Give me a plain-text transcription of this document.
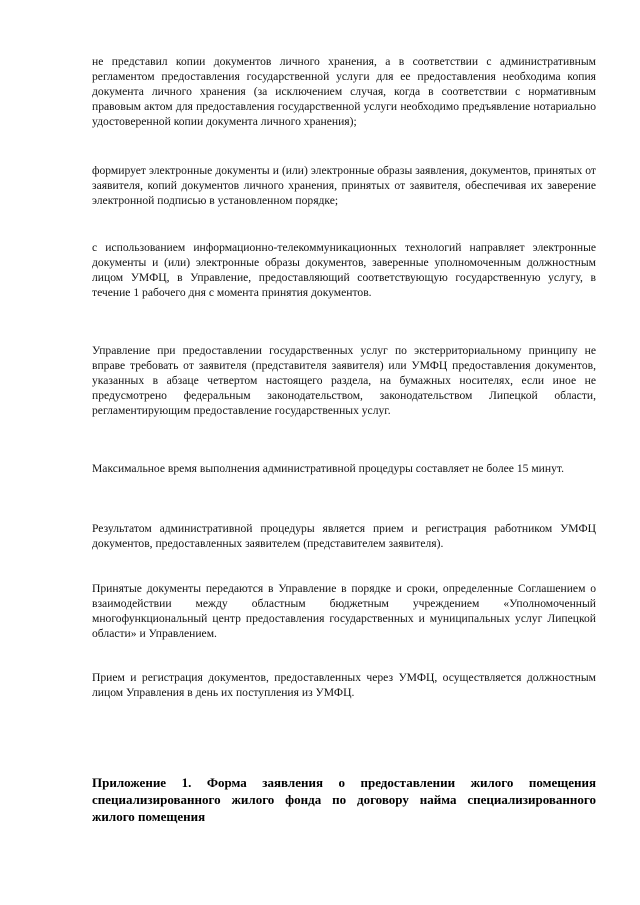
не представил копии документов личного хранения, а в соответствии с административным регламентом предоставления государственной услуги для ее предоставления необходима копия документа личного хранения (за исключением случая, когда в соответствии с нормативным правовым актом для предоставления государственной услуги необходимо предъявление нотариально удостоверенной копии документа личного хранения);

формирует электронные документы и (или) электронные образы заявления, документов, принятых от заявителя, копий документов личного хранения, принятых от заявителя, обеспечивая их заверение электронной подписью в установленном порядке;

с использованием информационно-телекоммуникационных технологий направляет электронные документы и (или) электронные образы документов, заверенные уполномоченным должностным лицом УМФЦ, в Управление, предоставляющий соответствующую государственную услугу, в течение 1 рабочего дня с момента принятия документов.

Управление при предоставлении государственных услуг по экстерриториальному принципу не вправе требовать от заявителя (представителя заявителя) или УМФЦ предоставления документов, указанных в абзаце четвертом настоящего раздела, на бумажных носителях, если иное не предусмотрено федеральным законодательством, законодательством Липецкой области, регламентирующим предоставление государственных услуг.

Максимальное время выполнения административной процедуры составляет не более 15 минут.

Результатом административной процедуры является прием и регистрация работником УМФЦ документов, предоставленных заявителем (представителем заявителя).

Принятые документы передаются в Управление в порядке и сроки, определенные Соглашением о взаимодействии между областным бюджетным учреждением «Уполномоченный многофункциональный центр предоставления государственных и муниципальных услуг Липецкой области» и Управлением.

Прием и регистрация документов, предоставленных через УМФЦ, осуществляется должностным лицом Управления в день их поступления из УМФЦ.

Приложение 1. Форма заявления о предоставлении жилого помещения специализированного жилого фонда по договору найма специализированного жилого помещения
